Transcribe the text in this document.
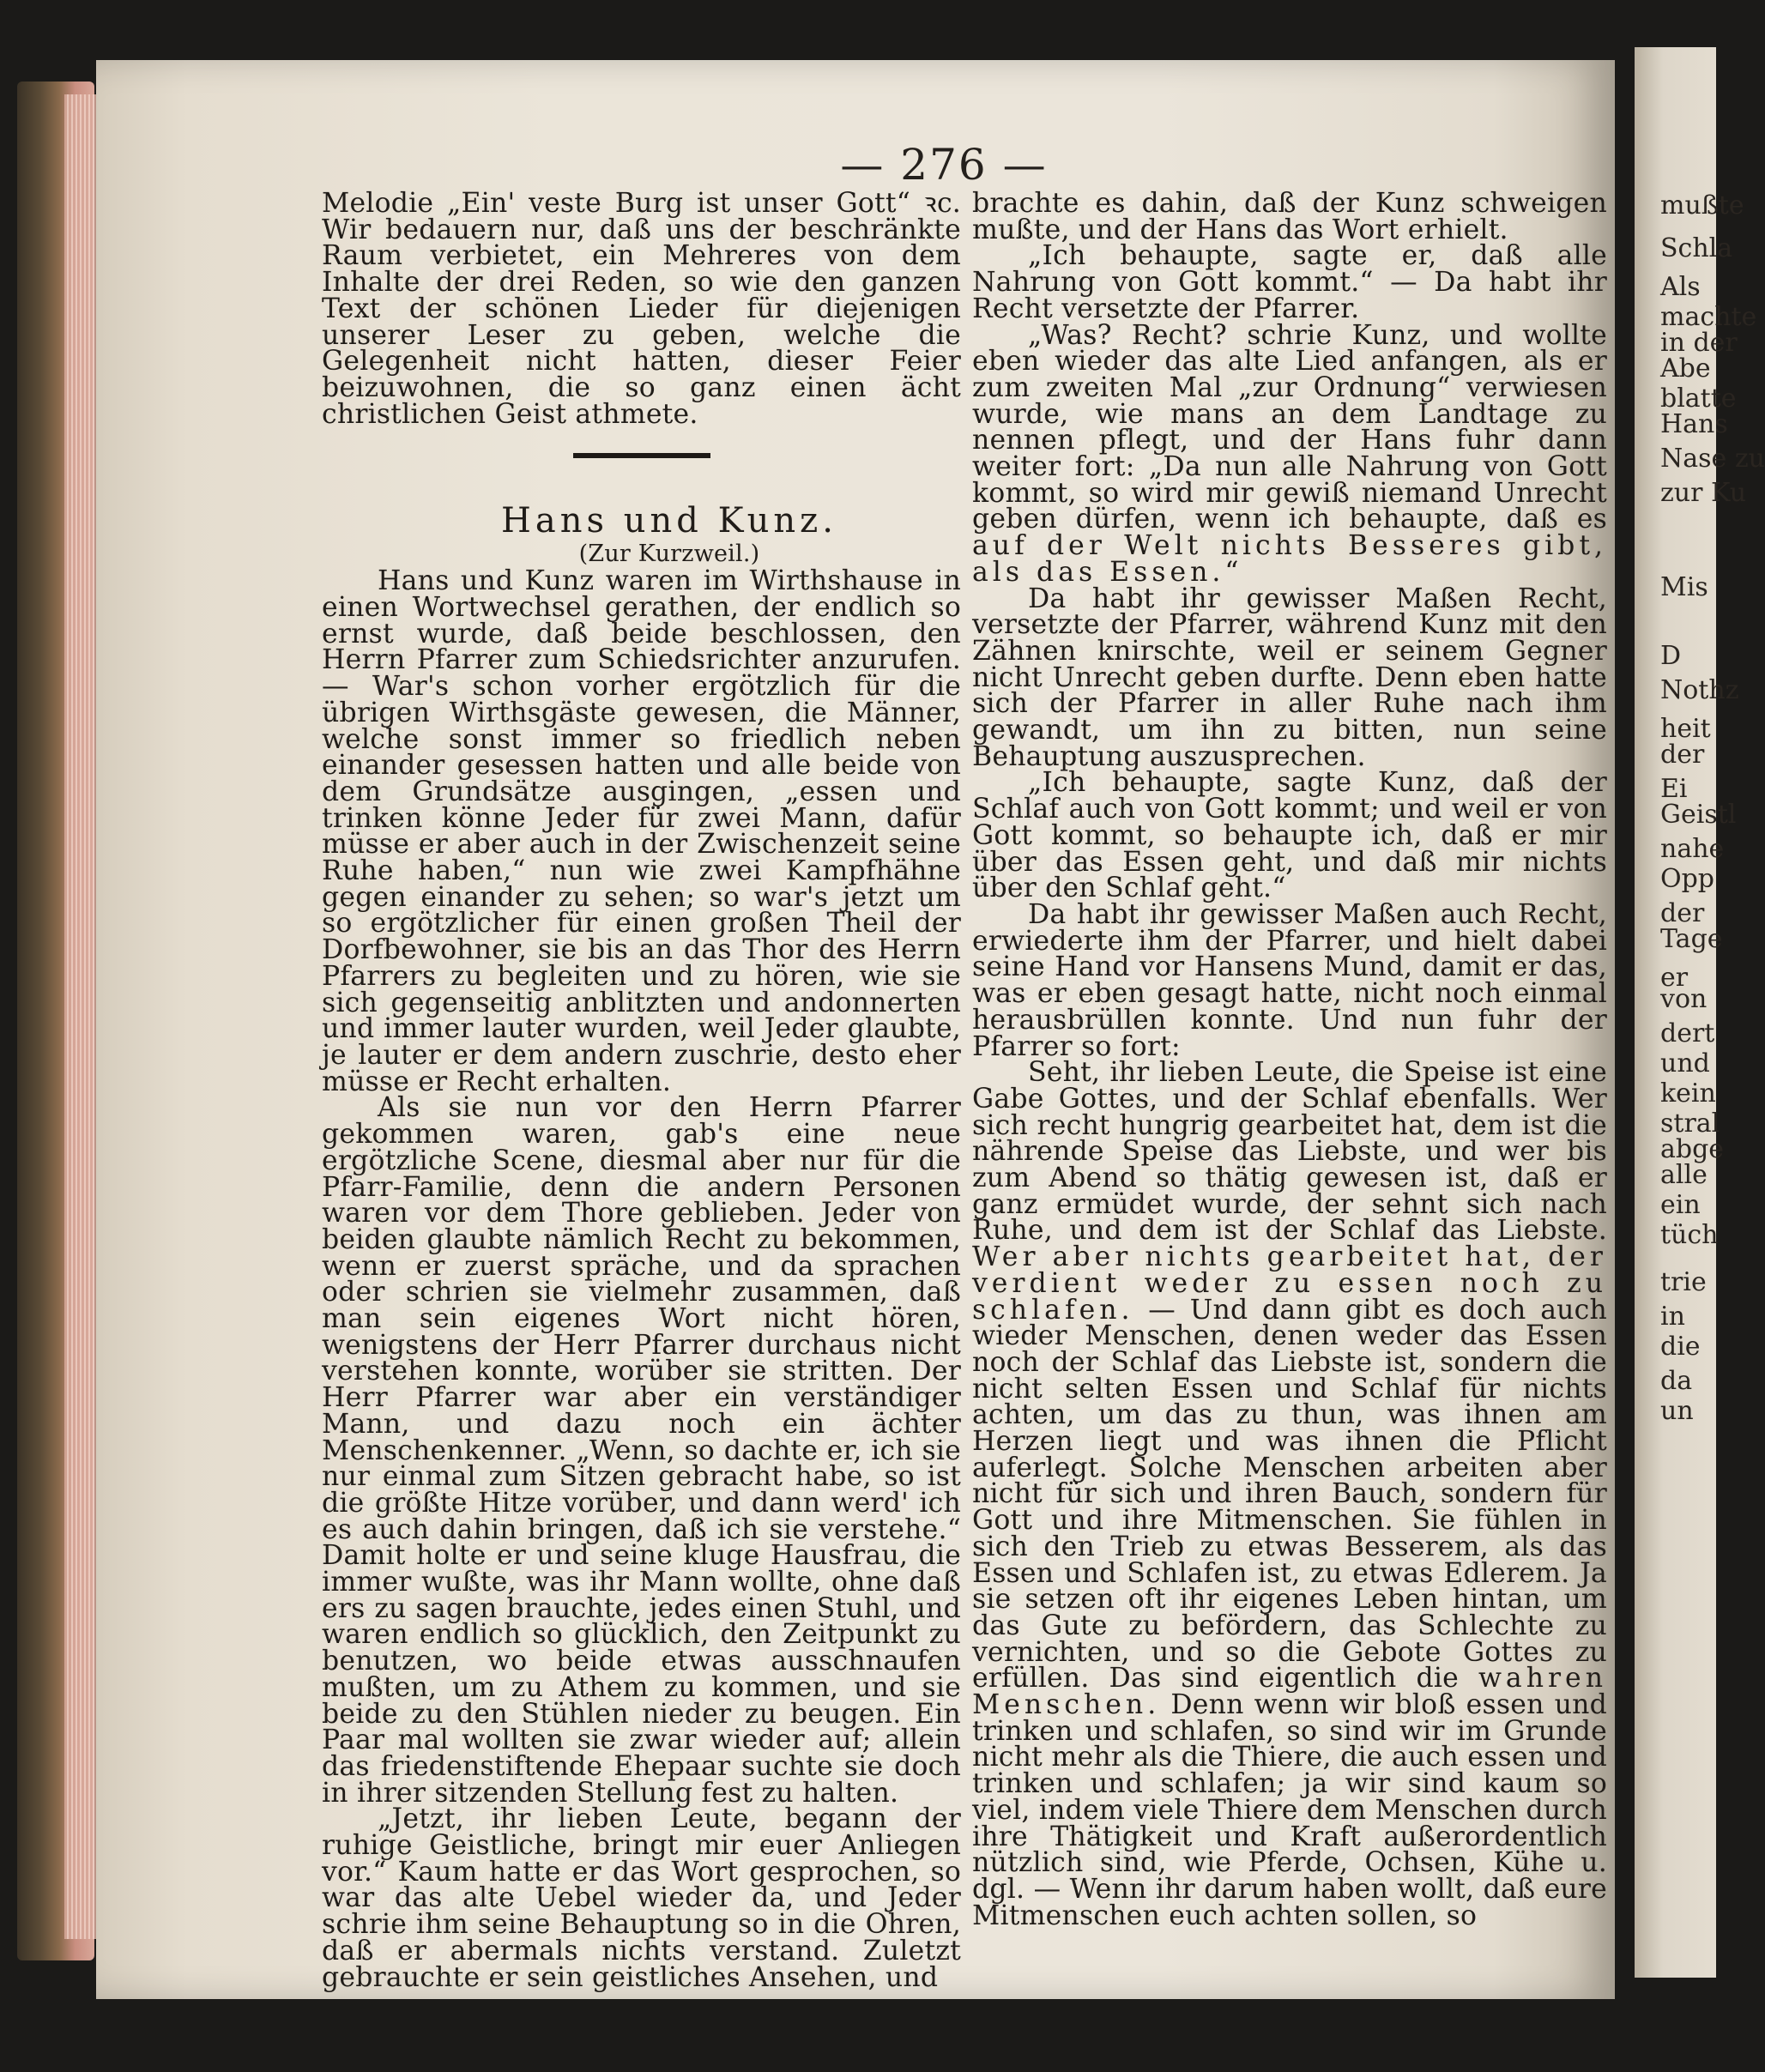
mußte
Schla
Als
machte
in der
Abe
blatte
Hans
Nase zu
zur Ku
Mis
D
Nothz
heit
der
Ei
Geistl
nahe
Opp
der
Tage
er
von
dert
und
kein
stral
abge
alle
ein
tüch
trie
in
die
da
un
— 276 —

Melodie „Ein' veste Burg ist unser Gott“ ꝛc. Wir bedauern nur, daß uns der beschränkte Raum verbietet, ein Mehreres von dem Inhalte der drei Reden, so wie den ganzen Text der schönen Lieder für diejenigen unserer Leser zu geben, welche die Gelegenheit nicht hatten, dieser Feier beizuwohnen, die so ganz einen ächt christlichen Geist athmete.

Hans und Kunz.

(Zur Kurzweil.)

Hans und Kunz waren im Wirthshause in einen Wortwechsel gerathen, der endlich so ernst wurde, daß beide beschlossen, den Herrn Pfarrer zum Schiedsrichter anzurufen. — War's schon vorher ergötzlich für die übrigen Wirthsgäste gewesen, die Männer, welche sonst immer so friedlich neben einander gesessen hatten und alle beide von dem Grundsätze ausgingen, „essen und trinken könne Jeder für zwei Mann, dafür müsse er aber auch in der Zwischenzeit seine Ruhe haben,“ nun wie zwei Kampfhähne gegen einander zu sehen; so war's jetzt um so ergötzlicher für einen großen Theil der Dorfbewohner, sie bis an das Thor des Herrn Pfarrers zu begleiten und zu hören, wie sie sich gegenseitig anblitzten und andonnerten und immer lauter wurden, weil Jeder glaubte, je lauter er dem andern zuschrie, desto eher müsse er Recht erhalten.

Als sie nun vor den Herrn Pfarrer gekommen waren, gab's eine neue ergötzliche Scene, diesmal aber nur für die Pfarr-Familie, denn die andern Personen waren vor dem Thore geblieben. Jeder von beiden glaubte nämlich Recht zu bekommen, wenn er zuerst spräche, und da sprachen oder schrien sie vielmehr zusammen, daß man sein eigenes Wort nicht hören, wenigstens der Herr Pfarrer durchaus nicht verstehen konnte, worüber sie stritten. Der Herr Pfarrer war aber ein verständiger Mann, und dazu noch ein ächter Menschenkenner. „Wenn, so dachte er, ich sie nur einmal zum Sitzen gebracht habe, so ist die größte Hitze vorüber, und dann werd' ich es auch dahin bringen, daß ich sie verstehe.“ Damit holte er und seine kluge Hausfrau, die immer wußte, was ihr Mann wollte, ohne daß ers zu sagen brauchte, jedes einen Stuhl, und waren endlich so glücklich, den Zeitpunkt zu benutzen, wo beide etwas ausschnaufen mußten, um zu Athem zu kommen, und sie beide zu den Stühlen nieder zu beugen. Ein Paar mal wollten sie zwar wieder auf; allein das friedenstiftende Ehepaar suchte sie doch in ihrer sitzenden Stellung fest zu halten.

„Jetzt, ihr lieben Leute, begann der ruhige Geistliche, bringt mir euer Anliegen vor.“ Kaum hatte er das Wort gesprochen, so war das alte Uebel wieder da, und Jeder schrie ihm seine Behauptung so in die Ohren, daß er abermals nichts verstand. Zuletzt gebrauchte er sein geistliches Ansehen, und

brachte es dahin, daß der Kunz schweigen mußte, und der Hans das Wort erhielt.

„Ich behaupte, sagte er, daß alle Nahrung von Gott kommt.“ — Da habt ihr Recht versetzte der Pfarrer.

„Was? Recht? schrie Kunz, und wollte eben wieder das alte Lied anfangen, als er zum zweiten Mal „zur Ordnung“ verwiesen wurde, wie mans an dem Landtage zu nennen pflegt, und der Hans fuhr dann weiter fort: „Da nun alle Nahrung von Gott kommt, so wird mir gewiß niemand Unrecht geben dürfen, wenn ich behaupte, daß es auf der Welt nichts Besseres gibt, als das Essen.“

Da habt ihr gewisser Maßen Recht, versetzte der Pfarrer, während Kunz mit den Zähnen knirschte, weil er seinem Gegner nicht Unrecht geben durfte. Denn eben hatte sich der Pfarrer in aller Ruhe nach ihm gewandt, um ihn zu bitten, nun seine Behauptung auszusprechen.

„Ich behaupte, sagte Kunz, daß der Schlaf auch von Gott kommt; und weil er von Gott kommt, so behaupte ich, daß er mir über das Essen geht, und daß mir nichts über den Schlaf geht.“

Da habt ihr gewisser Maßen auch Recht, erwiederte ihm der Pfarrer, und hielt dabei seine Hand vor Hansens Mund, damit er das, was er eben gesagt hatte, nicht noch einmal herausbrüllen konnte. Und nun fuhr der Pfarrer so fort:

Seht, ihr lieben Leute, die Speise ist eine Gabe Gottes, und der Schlaf ebenfalls. Wer sich recht hungrig gearbeitet hat, dem ist die nährende Speise das Liebste, und wer bis zum Abend so thätig gewesen ist, daß er ganz ermüdet wurde, der sehnt sich nach Ruhe, und dem ist der Schlaf das Liebste. Wer aber nichts gearbeitet hat, der verdient weder zu essen noch zu schlafen. — Und dann gibt es doch auch wieder Menschen, denen weder das Essen noch der Schlaf das Liebste ist, sondern die nicht selten Essen und Schlaf für nichts achten, um das zu thun, was ihnen am Herzen liegt und was ihnen die Pflicht auferlegt. Solche Menschen arbeiten aber nicht für sich und ihren Bauch, sondern für Gott und ihre Mitmenschen. Sie fühlen in sich den Trieb zu etwas Besserem, als das Essen und Schlafen ist, zu etwas Edlerem. Ja sie setzen oft ihr eigenes Leben hintan, um das Gute zu befördern, das Schlechte zu vernichten, und so die Gebote Gottes zu erfüllen. Das sind eigentlich die wahren Menschen. Denn wenn wir bloß essen und trinken und schlafen, so sind wir im Grunde nicht mehr als die Thiere, die auch essen und trinken und schlafen; ja wir sind kaum so viel, indem viele Thiere dem Menschen durch ihre Thätigkeit und Kraft außerordentlich nützlich sind, wie Pferde, Ochsen, Kühe u. dgl. — Wenn ihr darum haben wollt, daß eure Mitmenschen euch achten sollen, so
